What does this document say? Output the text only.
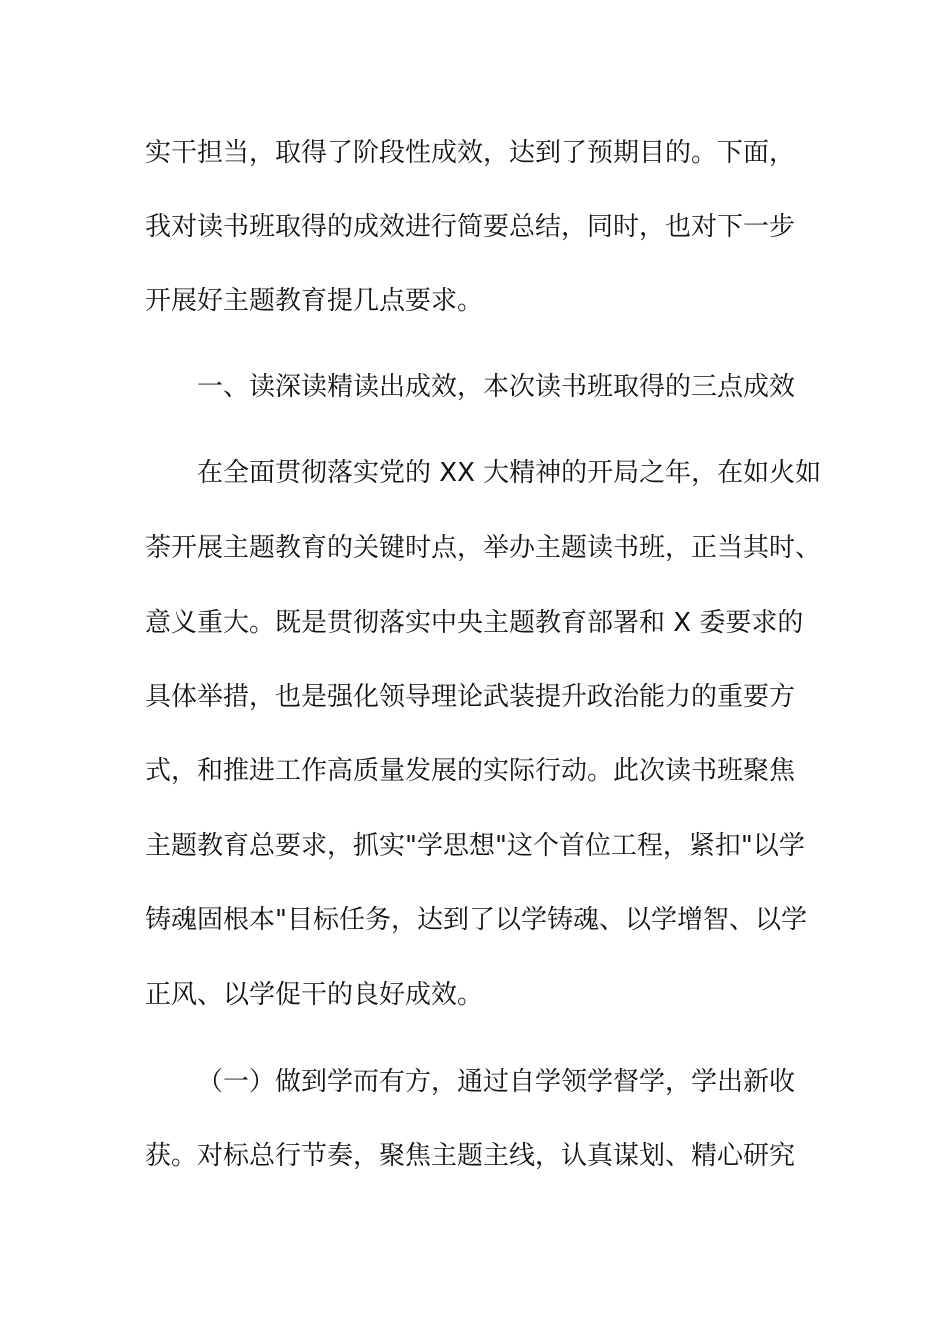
实干担当，取得了阶段性成效，达到了预期目的。下面，
我对读书班取得的成效进行简要总结，同时，也对下一步
开展好主题教育提几点要求。
一、读深读精读出成效，本次读书班取得的三点成效
在全面贯彻落实党的 XX 大精神的开局之年，在如火如
荼开展主题教育的关键时点，举办主题读书班，正当其时、
意义重大。既是贯彻落实中央主题教育部署和 X 委要求的
具体举措，也是强化领导理论武装提升政治能力的重要方
式，和推进工作高质量发展的实际行动。此次读书班聚焦
主题教育总要求，抓实"学思想"这个首位工程，紧扣"以学
铸魂固根本"目标任务，达到了以学铸魂、以学增智、以学
正风、以学促干的良好成效。
（一）做到学而有方，通过自学领学督学，学出新收
获。对标总行节奏，聚焦主题主线，认真谋划、精心研究
